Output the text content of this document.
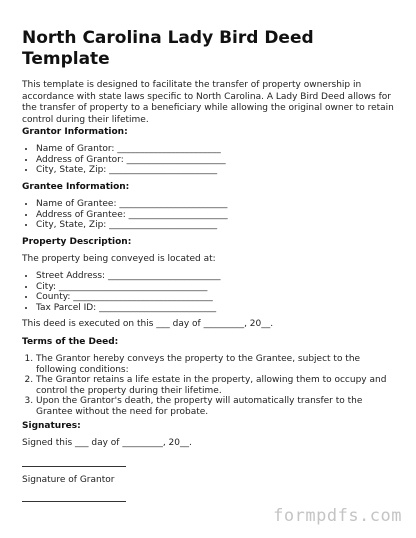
North Carolina Lady Bird Deed Template

This template is designed to facilitate the transfer of property ownership in accordance with state laws specific to North Carolina. A Lady Bird Deed allows for the transfer of property to a beneficiary while allowing the original owner to retain control during their lifetime.

Grantor Information:

• Name of Grantor: _______________________
• Address of Grantor: ______________________
• City, State, Zip: ________________________

Grantee Information:

• Name of Grantee: ________________________
• Address of Grantee: ______________________
• City, State, Zip: ________________________

Property Description:

The property being conveyed is located at:

• Street Address: _________________________
• City: _________________________________
• County: _______________________________
• Tax Parcel ID: __________________________

This deed is executed on this ___ day of _________, 20__.

Terms of the Deed:

1. The Grantor hereby conveys the property to the Grantee, subject to the following conditions:
2. The Grantor retains a life estate in the property, allowing them to occupy and control the property during their lifetime.
3. Upon the Grantor's death, the property will automatically transfer to the Grantee without the need for probate.

Signatures:

Signed this ___ day of _________, 20__.

Signature of Grantor

formpdfs.com
